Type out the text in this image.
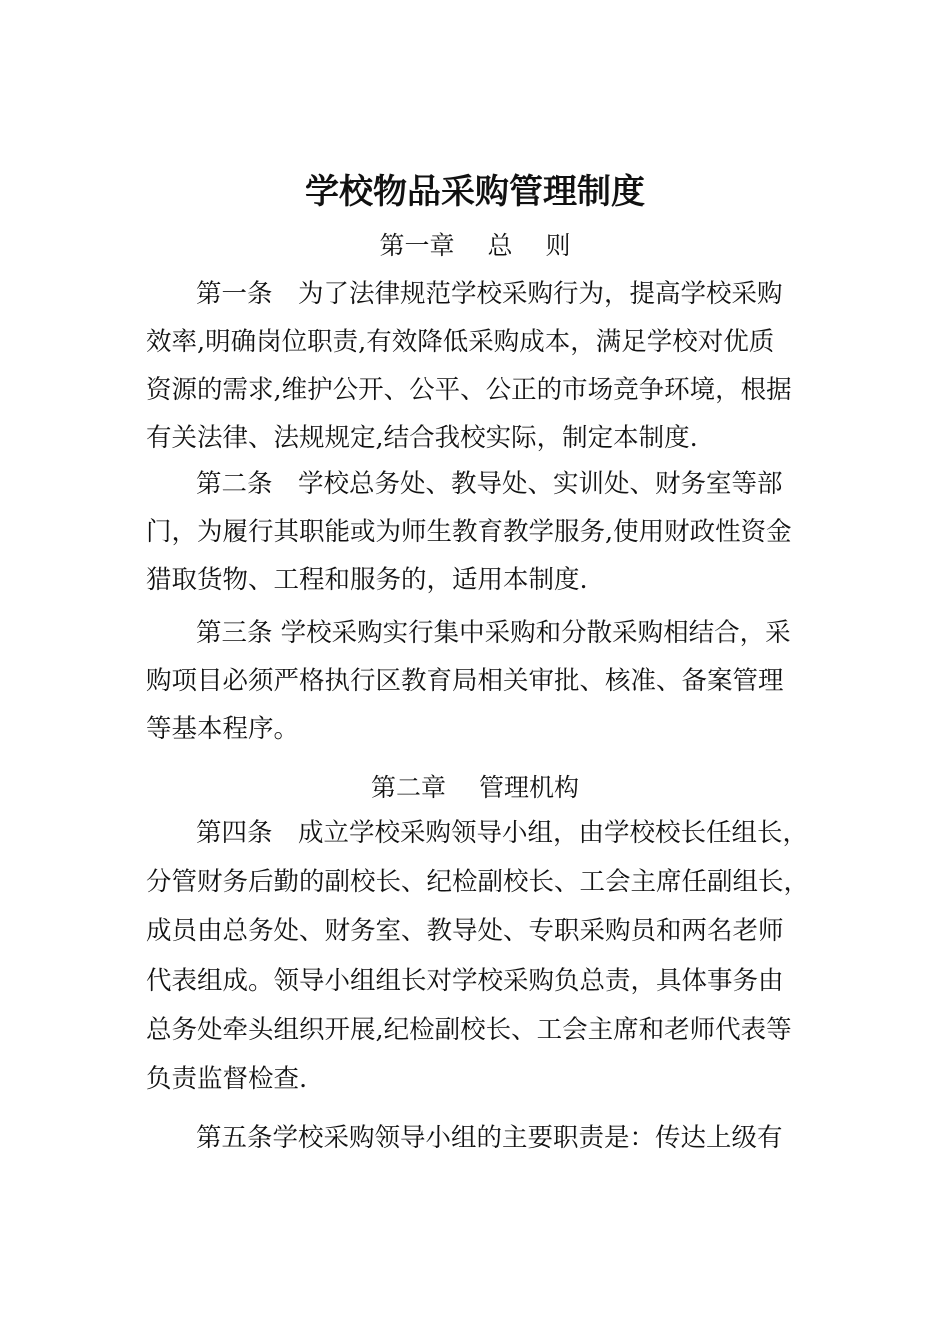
学校物品采购管理制度
第一章　 总　 则
第一条　为了法律规范学校采购行为，提高学校采购
效率,明确岗位职责,有效降低采购成本，满足学校对优质
资源的需求,维护公开、公平、公正的市场竞争环境，根据
有关法律、法规规定,结合我校实际，制定本制度.
第二条　学校总务处、教导处、实训处、财务室等部
门，为履行其职能或为师生教育教学服务,使用财政性资金
猎取货物、工程和服务的，适用本制度.
第三条 学校采购实行集中采购和分散采购相结合，采
购项目必须严格执行区教育局相关审批、核准、备案管理
等基本程序。
第二章　 管理机构
第四条　成立学校采购领导小组，由学校校长任组长，
分管财务后勤的副校长、纪检副校长、工会主席任副组长，
成员由总务处、财务室、教导处、专职采购员和两名老师
代表组成。领导小组组长对学校采购负总责，具体事务由
总务处牵头组织开展,纪检副校长、工会主席和老师代表等
负责监督检查.
第五条学校采购领导小组的主要职责是：传达上级有
